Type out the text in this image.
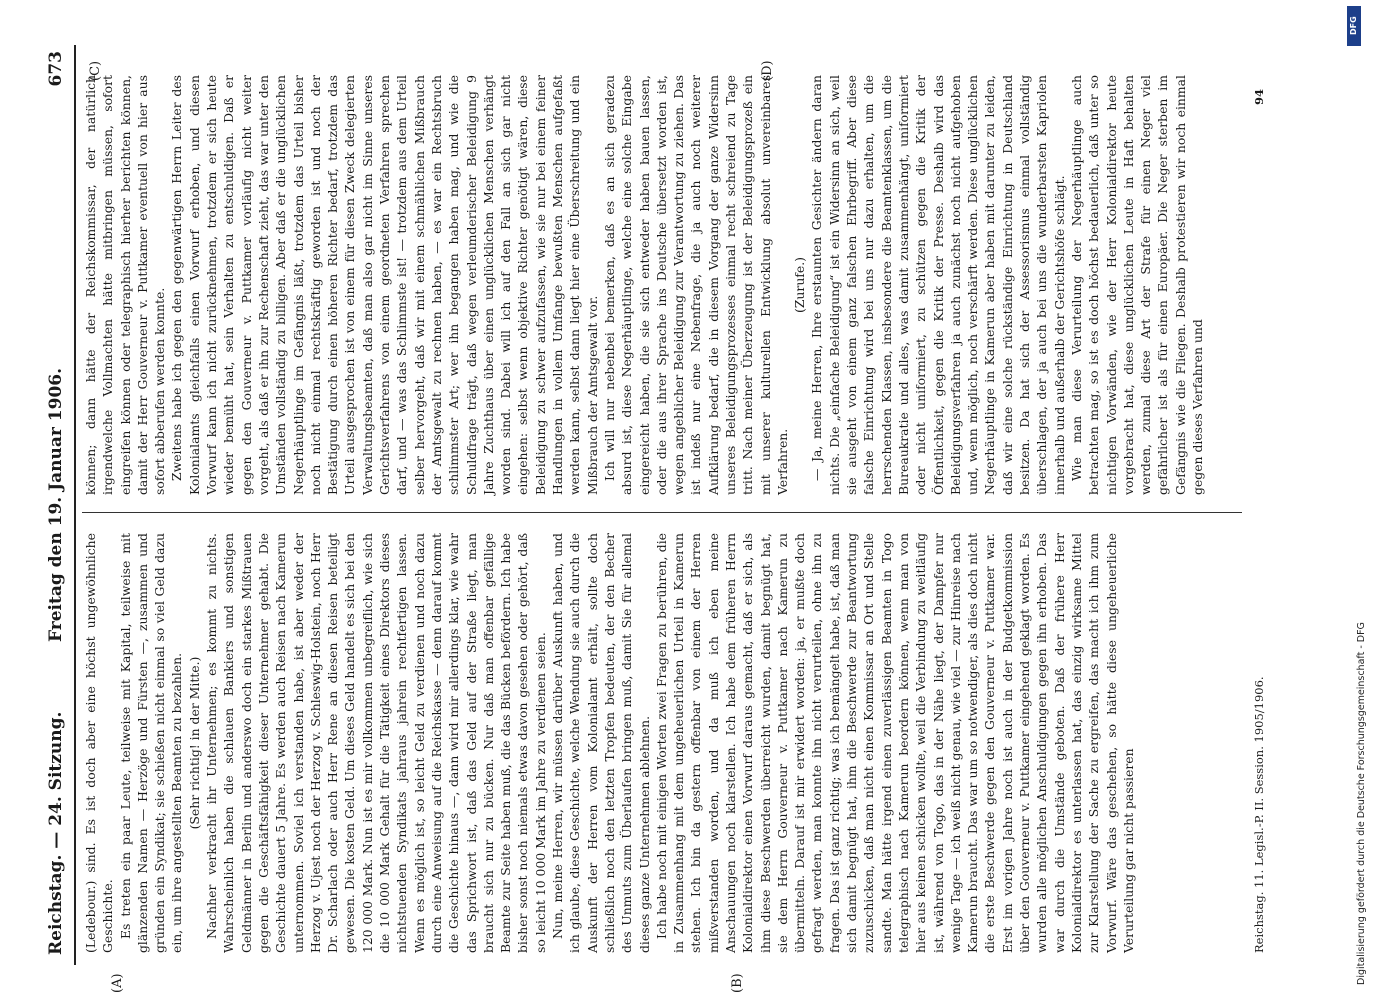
Reichstag. — 24. Sitzung.
Freitag den 19. Januar 1906.
673
(A)	(B)
(C)	(D)

(Ledebour.) sind. Es ist doch aber eine höchst ungewöhnliche Geschichte. Es treten ein paar Leute, teilweise mit Kapital, teilweise mit glänzenden Namen — Herzöge und Fürsten —, zusammen und gründen ein Syndikat; sie schießen nicht einmal so viel Geld dazu ein, um ihre angestellten Beamten zu bezahlen. (Sehr richtig! in der Mitte.) Nachher verkracht ihr Unternehmen; es kommt zu nichts. Wahrscheinlich haben die schlauen Bankiers und sonstigen Geldmänner in Berlin und anderswo doch ein starkes Mißtrauen gegen die Geschäftsfähigkeit dieser Unternehmer gehabt. Die Geschichte dauert 5 Jahre. Es werden auch Reisen nach Kamerun unternommen. Soviel ich verstanden habe, ist aber weder der Herzog v. Ujest noch der Herzog v. Schleswig-Holstein, noch Herr Dr. Scharlach oder auch Herr Rene an diesen Reisen beteiligt gewesen. Die kosten Geld. Um dieses Geld handelt es sich bei den 120 000 Mark. Nun ist es mir vollkommen unbegreiflich, wie sich die 10 000 Mark Gehalt für die Tätigkeit eines Direktors dieses nichtstuenden Syndikats jahraus jahrein rechtfertigen lassen. Wenn es möglich ist, so leicht Geld zu verdienen und noch dazu durch eine Anweisung auf die Reichskasse — denn darauf kommt die Geschichte hinaus —, dann wird mir allerdings klar, wie wahr das Sprichwort ist, daß das Geld auf der Straße liegt, man braucht sich nur zu bücken. Nur daß man offenbar gefällige Beamte zur Seite haben muß, die das Bücken befördern. Ich habe bisher sonst noch niemals etwas davon gesehen oder gehört, daß so leicht 10 000 Mark im Jahre zu verdienen seien. Nun, meine Herren, wir müssen darüber Auskunft haben, und ich glaube, diese Geschichte, welche Wendung sie auch durch die Auskunft der Herren vom Kolonialamt erhält, sollte doch schließlich noch den letzten Tropfen bedeuten, der den Becher des Unmuts zum Überlaufen bringen muß, damit Sie für allemal dieses ganze Unternehmen ablehnen. Ich habe noch mit einigen Worten zwei Fragen zu berühren, die in Zusammenhang mit dem ungeheuerlichen Urteil in Kamerun stehen. Ich bin da gestern offenbar von einem der Herren mißverstanden worden, und da muß ich eben meine Anschauungen noch klarstellen. Ich habe dem früheren Herrn Kolonialdirektor einen Vorwurf daraus gemacht, daß er sich, als ihm diese Beschwerden überreicht wurden, damit begnügt hat, sie dem Herrn Gouverneur v. Puttkamer nach Kamerun zu übermitteln. Darauf ist mir erwidert worden: ja, er mußte doch gefragt werden, man konnte ihn nicht verurteilen, ohne ihn zu fragen. Das ist ganz richtig; was ich bemängelt habe, ist, daß man sich damit begnügt hat, ihm die Beschwerde zur Beantwortung zuzuschicken, daß man nicht einen Kommissar an Ort und Stelle sandte. Man hätte irgend einen zuverlässigen Beamten in Togo telegraphisch nach Kamerun beordern können, wenn man von hier aus keinen schicken wollte, weil die Verbindung zu weitläufig ist, während von Togo, das in der Nähe liegt, der Dampfer nur wenige Tage — ich weiß nicht genau, wie viel — zur Hinreise nach Kamerun braucht. Das war um so notwendiger, als dies doch nicht die erste Beschwerde gegen den Gouverneur v. Puttkamer war. Erst im vorigen Jahre noch ist auch in der Budgetkommission über den Gouverneur v. Puttkamer eingehend geklagt worden. Es wurden alle möglichen Anschuldigungen gegen ihn erhoben. Das war durch die Umstände geboten. Daß der frühere Herr Kolonialdirektor es unterlassen hat, das einzig wirksame Mittel zur Klarstellung der Sache zu ergreifen, das macht ich ihm zum Vorwurf. Wäre das geschehen, so hätte diese ungeheuerliche Verurteilung gar nicht passieren

können; dann hätte der Reichskommissar, der natürlich irgendwelche Vollmachten hätte mitbringen müssen, sofort eingreifen können oder telegraphisch hierher berichten können, damit der Herr Gouverneur v. Puttkamer eventuell von hier aus sofort abberufen werden konnte. Zweitens habe ich gegen den gegenwärtigen Herrn Leiter des Kolonialamts gleichfalls einen Vorwurf erhoben, und diesen Vorwurf kann ich nicht zurücknehmen, trotzdem er sich heute wieder bemüht hat, sein Verhalten zu entschuldigen. Daß er gegen den Gouverneur v. Puttkamer vorläufig nicht weiter vorgeht, als daß er ihn zur Rechenschaft zieht, das war unter den Umständen vollständig zu billigen. Aber daß er die unglücklichen Negerhäuptlinge im Gefängnis läßt, trotzdem das Urteil bisher noch nicht einmal rechtskräftig geworden ist und noch der Bestätigung durch einen höheren Richter bedarf, trotzdem das Urteil ausgesprochen ist von einem für diesen Zweck delegierten Verwaltungsbeamten, daß man also gar nicht im Sinne unseres Gerichtsverfahrens von einem geordneten Verfahren sprechen darf, und — was das Schlimmste ist! — trotzdem aus dem Urteil selber hervorgeht, daß wir mit einem schmählichen Mißbrauch der Amtsgewalt zu rechnen haben, — es war ein Rechtsbruch schlimmster Art; wer ihn begangen haben mag, und wie die Schuldfrage trägt, daß wegen verleumderischer Beleidigung 9 Jahre Zuchthaus über einen unglücklichen Menschen verhängt worden sind. Dabei will ich auf den Fall an sich gar nicht eingehen: selbst wenn objektive Richter genötigt wären, diese Beleidigung zu schwer aufzufassen, wie sie nur bei einem feiner Handlungen in vollem Umfange bewußten Menschen aufgefaßt werden kann, selbst dann liegt hier eine Überschreitung und ein Mißbrauch der Amtsgewalt vor. Ich will nur nebenbei bemerken, daß es an sich geradezu absurd ist, diese Negerhäuptlinge, welche eine solche Eingabe eingereicht haben, die sie sich entweder haben bauen lassen, oder die aus ihrer Sprache ins Deutsche übersetzt worden ist, wegen angeblicher Beleidigung zur Verantwortung zu ziehen. Das ist indeß nur eine Nebenfrage, die ja auch noch weiterer Aufklärung bedarf, die in diesem Vorgang der ganze Widersinn unseres Beleidigungsprozesses einmal recht schreiend zu Tage tritt. Nach meiner Überzeugung ist der Beleidigungsprozeß ein mit unserer kulturellen Entwicklung absolut unvereinbares Verfahren.

(Zurufe.) — Ja, meine Herren, Ihre erstaunten Gesichter ändern daran nichts. Die „einfache Beleidigung“ ist ein Widersinn an sich, weil sie ausgeht von einem ganz falschen Ehrbegriff. Aber diese falsche Einrichtung wird bei uns nur dazu erhalten, um die herrschenden Klassen, insbesondere die Beamtenklassen, um die Bureaukratie und alles, was damit zusammenhängt, uniformiert oder nicht uniformiert, zu schützen gegen die Kritik der Öffentlichkeit, gegen die Kritik der Presse. Deshalb wird das Beleidigungsverfahren ja auch zunächst noch nicht aufgehoben und, wenn möglich, noch verschärft werden. Diese unglücklichen Negerhäuptlinge in Kamerun aber haben mit darunter zu leiden, daß wir eine solche rückständige Einrichtung in Deutschland besitzen. Da hat sich der Assessorismus einmal vollständig überschlagen, der ja auch bei uns die wunderbarsten Kapriolen innerhalb und außerhalb der Gerichtshöfe schlägt. Wie man diese Verurteilung der Negerhäuptlinge auch betrachten mag, so ist es doch höchst bedauerlich, daß unter so nichtigen Vorwänden, wie der Herr Kolonialdirektor heute vorgebracht hat, diese unglücklichen Leute in Haft behalten werden, zumal diese Art der Strafe für einen Neger viel gefährlicher ist als für einen Europäer. Die Neger sterben im Gefängnis wie die Fliegen. Deshalb protestieren wir noch einmal gegen dieses Verfahren und

Reichstag. 11. Legisl.-P. II. Session. 1905/1906.
94
Digitalisierung gefördert durch die Deutsche Forschungsgemeinschaft - DFG
DFG
